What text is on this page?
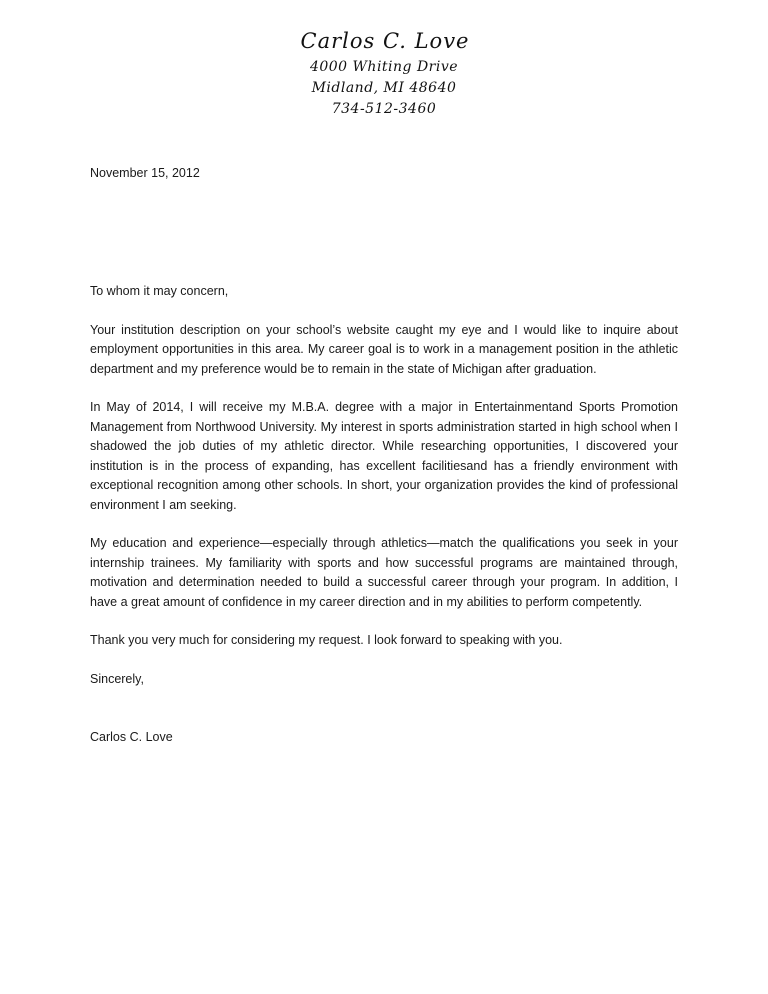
Carlos C. Love
4000 Whiting Drive
Midland, MI 48640
734-512-3460
November 15, 2012

To whom it may concern,

Your institution description on your school’s website caught my eye and I would like to inquire about employment opportunities in this area. My career goal is to work in a management position in the athletic department and my preference would be to remain in the state of Michigan after graduation.

In May of 2014, I will receive my M.B.A. degree with a major in Entertainmentand Sports Promotion Management from Northwood University. My interest in sports administration started in high school when I shadowed the job duties of my athletic director. While researching opportunities, I discovered your institution is in the process of expanding, has excellent facilitiesand has a friendly environment with exceptional recognition among other schools. In short, your organization provides the kind of professional environment I am seeking.

My education and experience—especially through athletics—match the qualifications you seek in your internship trainees. My familiarity with sports and how successful programs are maintained through, motivation and determination needed to build a successful career through your program. In addition, I have a great amount of confidence in my career direction and in my abilities to perform competently.

Thank you very much for considering my request. I look forward to speaking with you.

Sincerely,

Carlos C. Love
